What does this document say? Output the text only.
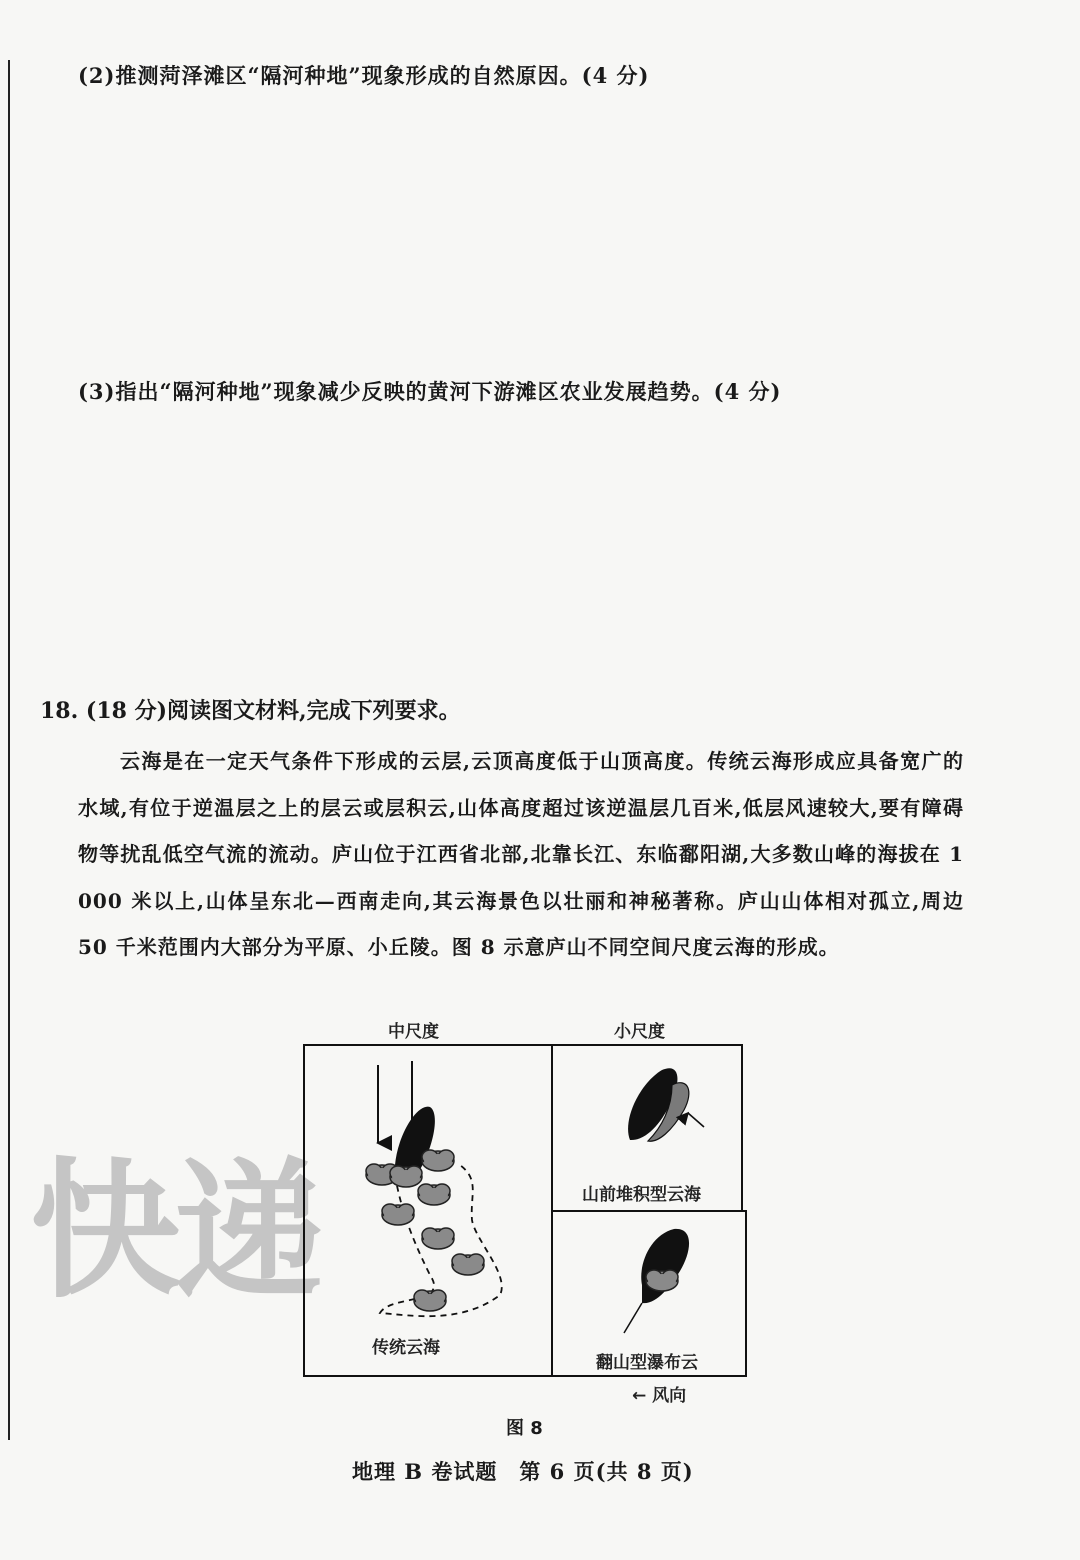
(2)推测菏泽滩区“隔河种地”现象形成的自然原因。(4 分)
(3)指出“隔河种地”现象减少反映的黄河下游滩区农业发展趋势。(4 分)
18. (18 分)阅读图文材料,完成下列要求。

云海是在一定天气条件下形成的云层,云顶高度低于山顶高度。传统云海形成应具备宽广的水域,有位于逆温层之上的层云或层积云,山体高度超过该逆温层几百米,低层风速较大,要有障碍物等扰乱低空气流的流动。庐山位于江西省北部,北靠长江、东临鄱阳湖,大多数山峰的海拔在 1 000 米以上,山体呈东北—西南走向,其云海景色以壮丽和神秘著称。庐山山体相对孤立,周边 50 千米范围内大部分为平原、小丘陵。图 8 示意庐山不同空间尺度云海的形成。

快递
中尺度	小尺度
山前堆积型云海
传统云海
翻山型瀑布云
← 风向
图 8
地理 B 卷试题　第 6 页(共 8 页)
